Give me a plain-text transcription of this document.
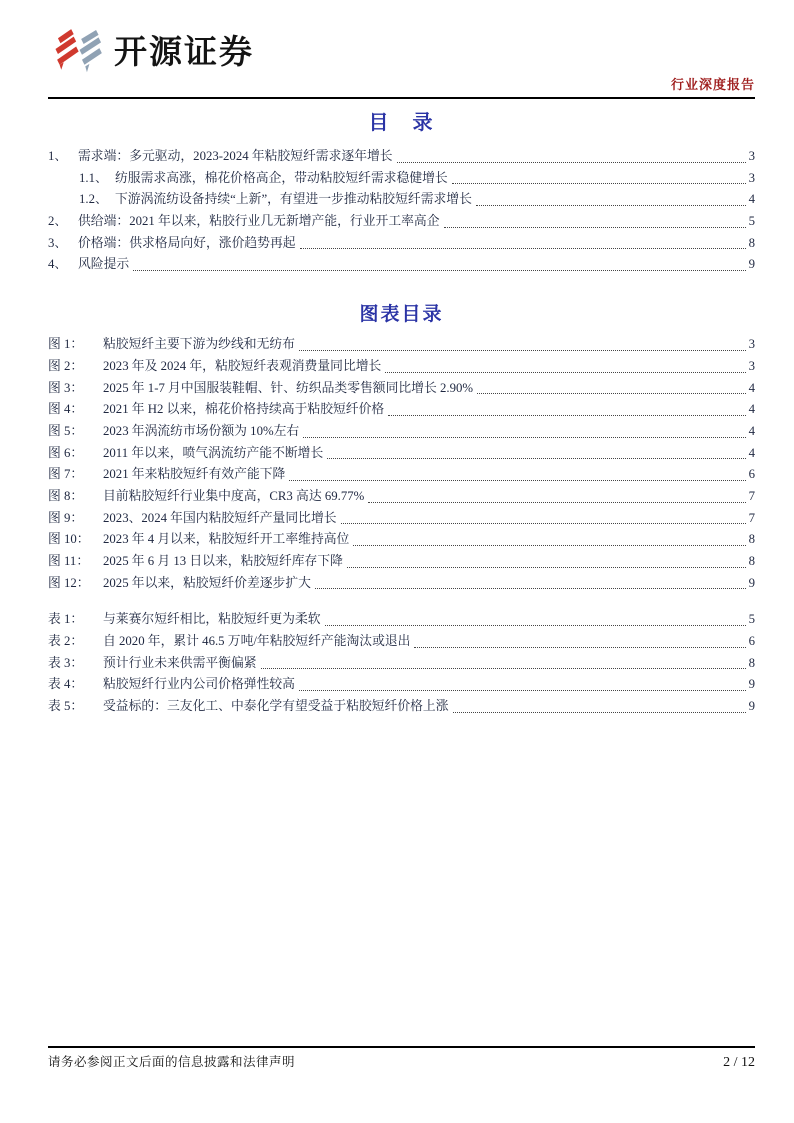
开源证券
行业深度报告
目　录
1、 需求端：多元驱动，2023-2024 年粘胶短纤需求逐年增长	3
1.1、 纺服需求高涨，棉花价格高企，带动粘胶短纤需求稳健增长	3
1.2、 下游涡流纺设备持续“上新”，有望进一步推动粘胶短纤需求增长	4
2、 供给端：2021 年以来，粘胶行业几无新增产能，行业开工率高企	5
3、 价格端：供求格局向好，涨价趋势再起	8
4、 风险提示	9
图表目录
图 1：	粘胶短纤主要下游为纱线和无纺布	3
图 2：	2023 年及 2024 年，粘胶短纤表观消费量同比增长	3
图 3：	2025 年 1-7 月中国服装鞋帽、针、纺织品类零售额同比增长 2.90%	4
图 4：	2021 年 H2 以来，棉花价格持续高于粘胶短纤价格	4
图 5：	2023 年涡流纺市场份额为 10%左右	4
图 6：	2011 年以来，喷气涡流纺产能不断增长	4
图 7：	2021 年来粘胶短纤有效产能下降	6
图 8：	目前粘胶短纤行业集中度高，CR3 高达 69.77%	7
图 9：	2023、2024 年国内粘胶短纤产量同比增长	7
图 10：	2023 年 4 月以来，粘胶短纤开工率维持高位	8
图 11：	2025 年 6 月 13 日以来，粘胶短纤库存下降	8
图 12：	2025 年以来，粘胶短纤价差逐步扩大	9
表 1：	与莱赛尔短纤相比，粘胶短纤更为柔软	5
表 2：	自 2020 年，累计 46.5 万吨/年粘胶短纤产能淘汰或退出	6
表 3：	预计行业未来供需平衡偏紧	8
表 4：	粘胶短纤行业内公司价格弹性较高	9
表 5：	受益标的：三友化工、中泰化学有望受益于粘胶短纤价格上涨	9
请务必参阅正文后面的信息披露和法律声明	2 / 12
